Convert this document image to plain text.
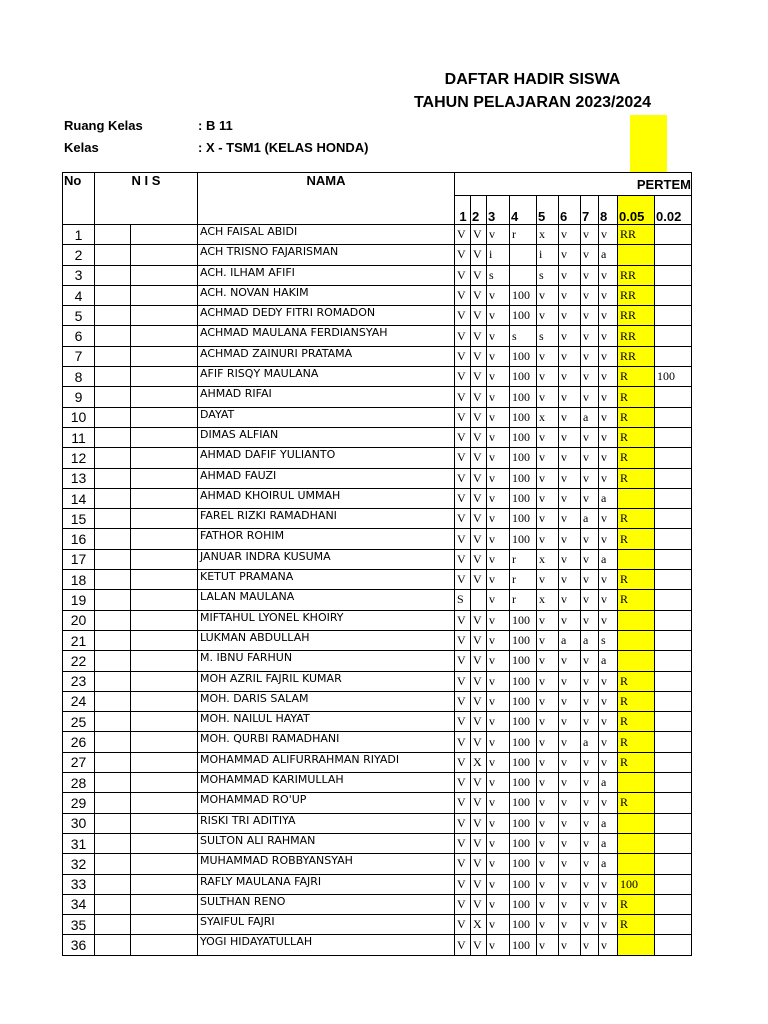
DAFTAR HADIR SISWA
TAHUN PELAJARAN 2023/2024
Ruang Kelas	: B 11
Kelas	: X - TSM1 (KELAS HONDA)
No	N I S		NAMA	PERTEM									
				1	2	3	4	5	6	7	8	0.05	0.02
1			ACH FAISAL ABIDI	V	V	v	r	x	v	v	v	RR	
2			ACH TRISNO FAJARISMAN	V	V	i		i	v	v	a		
3			ACH. ILHAM AFIFI	V	V	s		s	v	v	v	RR	
4			ACH. NOVAN HAKIM	V	V	v	100	v	v	v	v	RR	
5			ACHMAD DEDY FITRI ROMADON	V	V	v	100	v	v	v	v	RR	
6			ACHMAD MAULANA FERDIANSYAH	V	V	v	s	s	v	v	v	RR	
7			ACHMAD ZAINURI PRATAMA	V	V	v	100	v	v	v	v	RR	
8			AFIF RISQY MAULANA	V	V	v	100	v	v	v	v	R	100
9			AHMAD RIFAI	V	V	v	100	v	v	v	v	R	
10			DAYAT	V	V	v	100	x	v	a	v	R	
11			DIMAS ALFIAN	V	V	v	100	v	v	v	v	R	
12			AHMAD DAFIF YULIANTO	V	V	v	100	v	v	v	v	R	
13			AHMAD FAUZI	V	V	v	100	v	v	v	v	R	
14			AHMAD KHOIRUL UMMAH	V	V	v	100	v	v	v	a		
15			FAREL RIZKI RAMADHANI	V	V	v	100	v	v	a	v	R	
16			FATHOR ROHIM	V	V	v	100	v	v	v	v	R	
17			JANUAR INDRA KUSUMA	V	V	v	r	x	v	v	a		
18			KETUT PRAMANA	V	V	v	r	v	v	v	v	R	
19			LALAN MAULANA	S		v	r	x	v	v	v	R	
20			MIFTAHUL LYONEL KHOIRY	V	V	v	100	v	v	v	v		
21			LUKMAN ABDULLAH	V	V	v	100	v	a	a	s		
22			M. IBNU FARHUN	V	V	v	100	v	v	v	a		
23			MOH AZRIL FAJRIL KUMAR	V	V	v	100	v	v	v	v	R	
24			MOH. DARIS SALAM	V	V	v	100	v	v	v	v	R	
25			MOH. NAILUL HAYAT	V	V	v	100	v	v	v	v	R	
26			MOH. QURBI RAMADHANI	V	V	v	100	v	v	a	v	R	
27			MOHAMMAD ALIFURRAHMAN RIYADI	V	X	v	100	v	v	v	v	R	
28			MOHAMMAD KARIMULLAH	V	V	v	100	v	v	v	a		
29			MOHAMMAD RO'UP	V	V	v	100	v	v	v	v	R	
30			RISKI TRI ADITIYA	V	V	v	100	v	v	v	a		
31			SULTON ALI RAHMAN	V	V	v	100	v	v	v	a		
32			MUHAMMAD ROBBYANSYAH	V	V	v	100	v	v	v	a		
33			RAFLY MAULANA FAJRI	V	V	v	100	v	v	v	v	100	
34			SULTHAN RENO	V	V	v	100	v	v	v	v	R	
35			SYAIFUL FAJRI	V	X	v	100	v	v	v	v	R	
36			YOGI HIDAYATULLAH	V	V	v	100	v	v	v	v		
